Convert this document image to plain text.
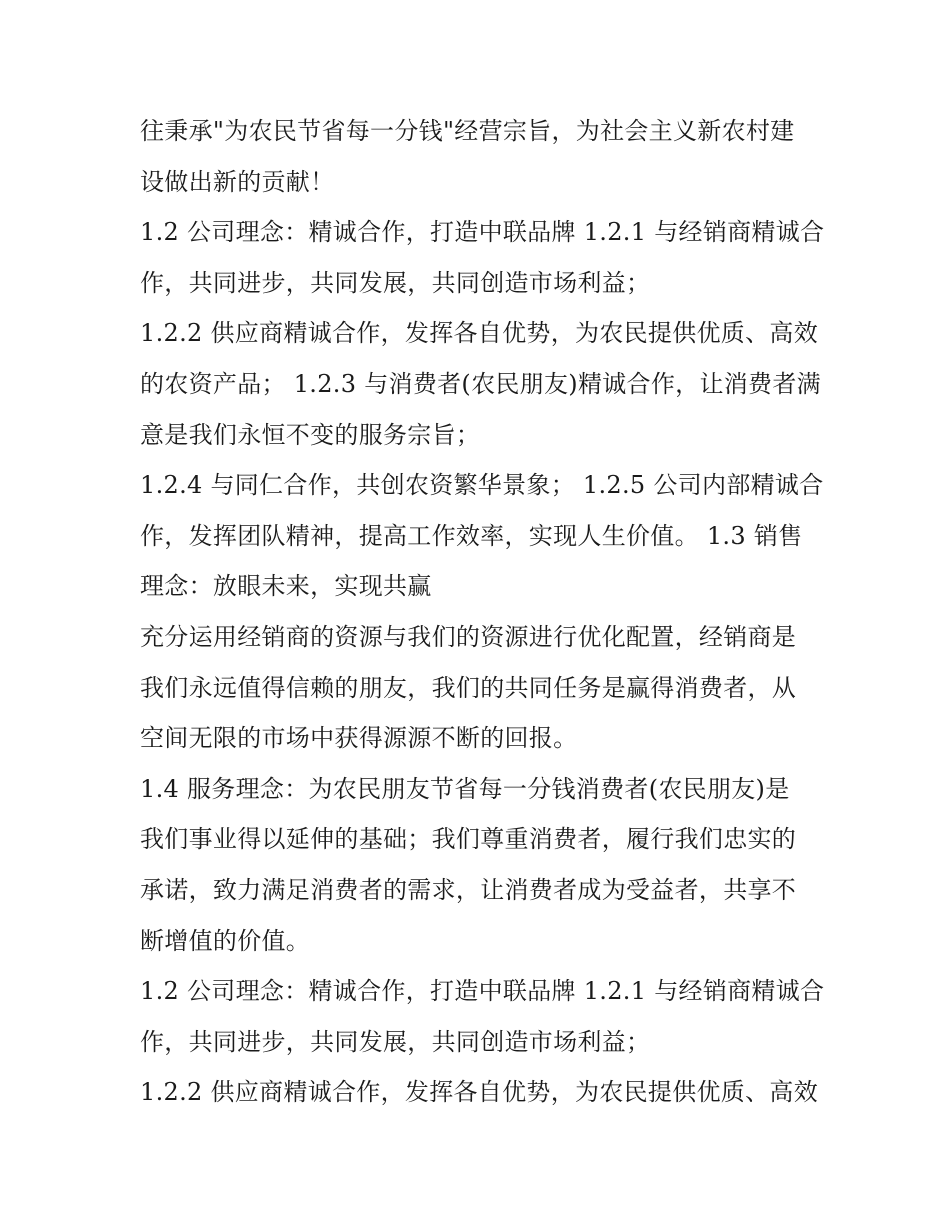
往秉承"为农民节省每一分钱"经营宗旨，为社会主义新农村建
设做出新的贡献！
1.2 公司理念：精诚合作，打造中联品牌 1.2.1 与经销商精诚合
作，共同进步，共同发展，共同创造市场利益；
1.2.2 供应商精诚合作，发挥各自优势，为农民提供优质、高效
的农资产品； 1.2.3 与消费者(农民朋友)精诚合作，让消费者满
意是我们永恒不变的服务宗旨；
1.2.4 与同仁合作，共创农资繁华景象； 1.2.5 公司内部精诚合
作，发挥团队精神，提高工作效率，实现人生价值。 1.3 销售
理念：放眼未来，实现共赢
充分运用经销商的资源与我们的资源进行优化配置，经销商是
我们永远值得信赖的朋友，我们的共同任务是赢得消费者，从
空间无限的市场中获得源源不断的回报。
1.4 服务理念：为农民朋友节省每一分钱消费者(农民朋友)是
我们事业得以延伸的基础；我们尊重消费者，履行我们忠实的
承诺，致力满足消费者的需求，让消费者成为受益者，共享不
断增值的价值。
1.2 公司理念：精诚合作，打造中联品牌 1.2.1 与经销商精诚合
作，共同进步，共同发展，共同创造市场利益；
1.2.2 供应商精诚合作，发挥各自优势，为农民提供优质、高效
